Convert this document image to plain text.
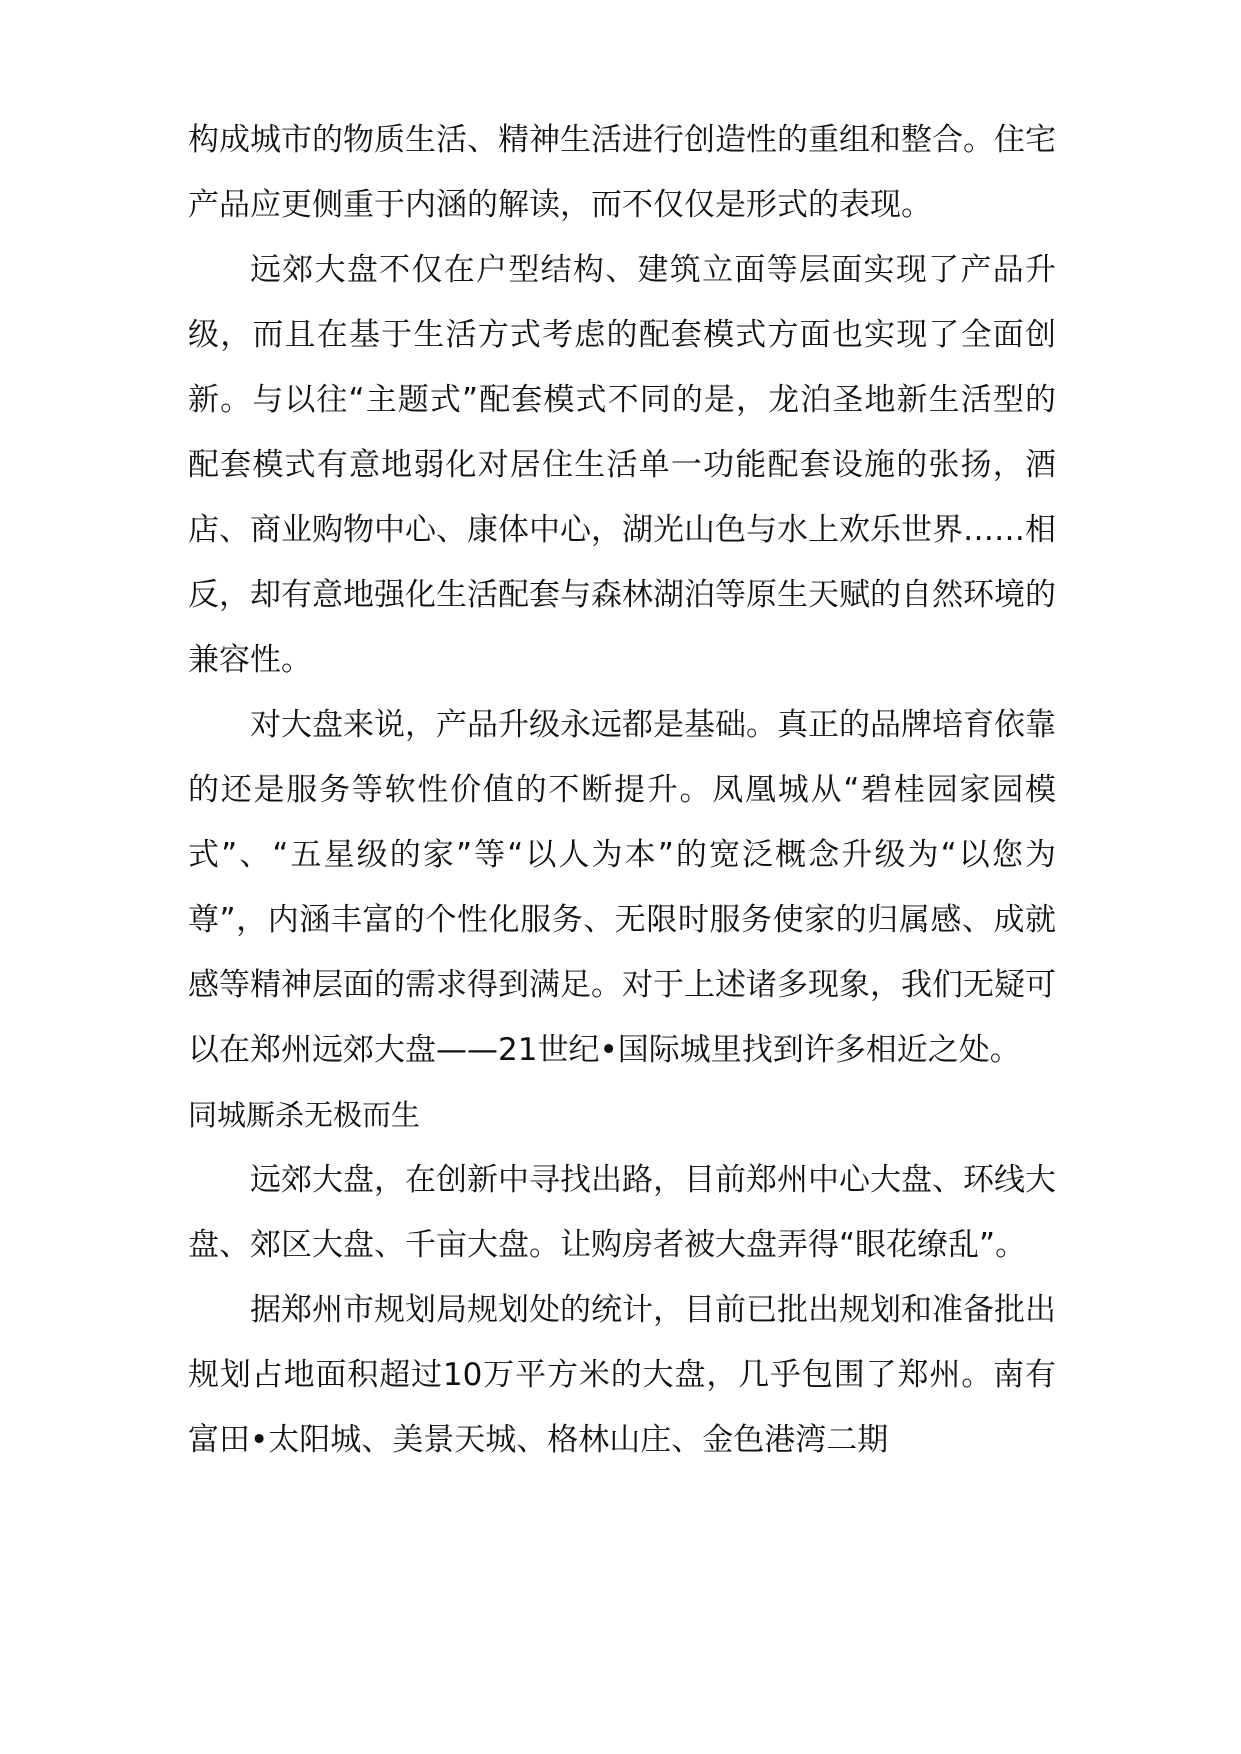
构成城市的物质生活、精神生活进行创造性的重组和整合。住宅产品应更侧重于内涵的解读，而不仅仅是形式的表现。

远郊大盘不仅在户型结构、建筑立面等层面实现了产品升级，而且在基于生活方式考虑的配套模式方面也实现了全面创新。与以往“主题式”配套模式不同的是，龙泊圣地新生活型的配套模式有意地弱化对居住生活单一功能配套设施的张扬，酒店、商业购物中心、康体中心，湖光山色与水上欢乐世界……相反，却有意地强化生活配套与森林湖泊等原生天赋的自然环境的兼容性。

对大盘来说，产品升级永远都是基础。真正的品牌培育依靠的还是服务等软性价值的不断提升。凤凰城从“碧桂园家园模式”、“五星级的家”等“以人为本”的宽泛概念升级为“以您为尊”，内涵丰富的个性化服务、无限时服务使家的归属感、成就感等精神层面的需求得到满足。对于上述诸多现象，我们无疑可以在郑州远郊大盘——21世纪•国际城里找到许多相近之处。

同城厮杀无极而生

远郊大盘，在创新中寻找出路，目前郑州中心大盘、环线大盘、郊区大盘、千亩大盘。让购房者被大盘弄得“眼花缭乱”。

据郑州市规划局规划处的统计，目前已批出规划和准备批出规划占地面积超过10万平方米的大盘，几乎包围了郑州。南有富田•太阳城、美景天城、格林山庄、金色港湾二期
